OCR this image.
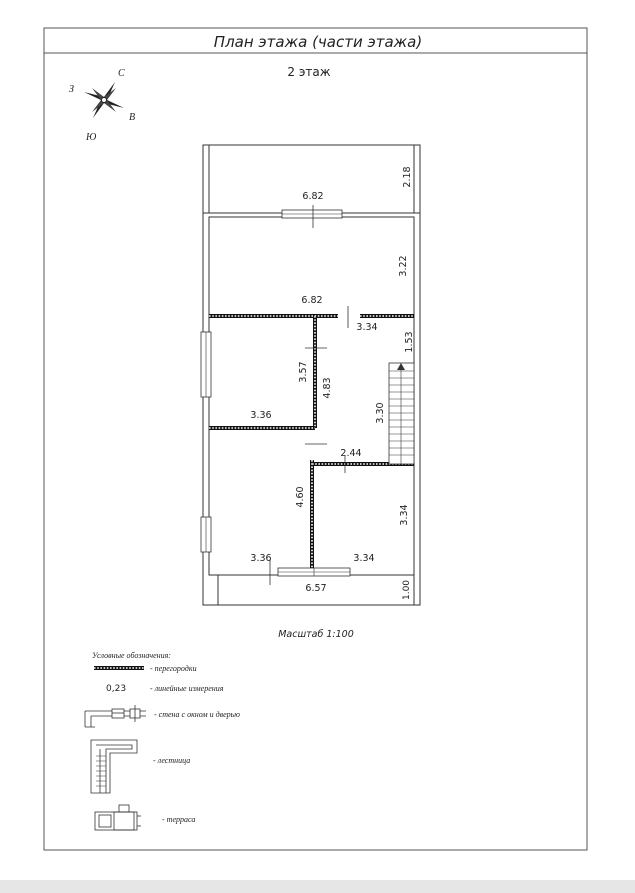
План этажа (части этажа)
2 этаж
С
З
В
Ю
6.82
2.18
3.22
6.82
3.34
1.53
3.57
4.83
3.36	3.30
2.44
4.60
3.34
3.36	3.34
6.57	1.00
Масштаб 1:100
Условные обозначения:
- перегородки
0,23	- линейные измерения
- стена с окном и дверью
- лестница
- терраса
